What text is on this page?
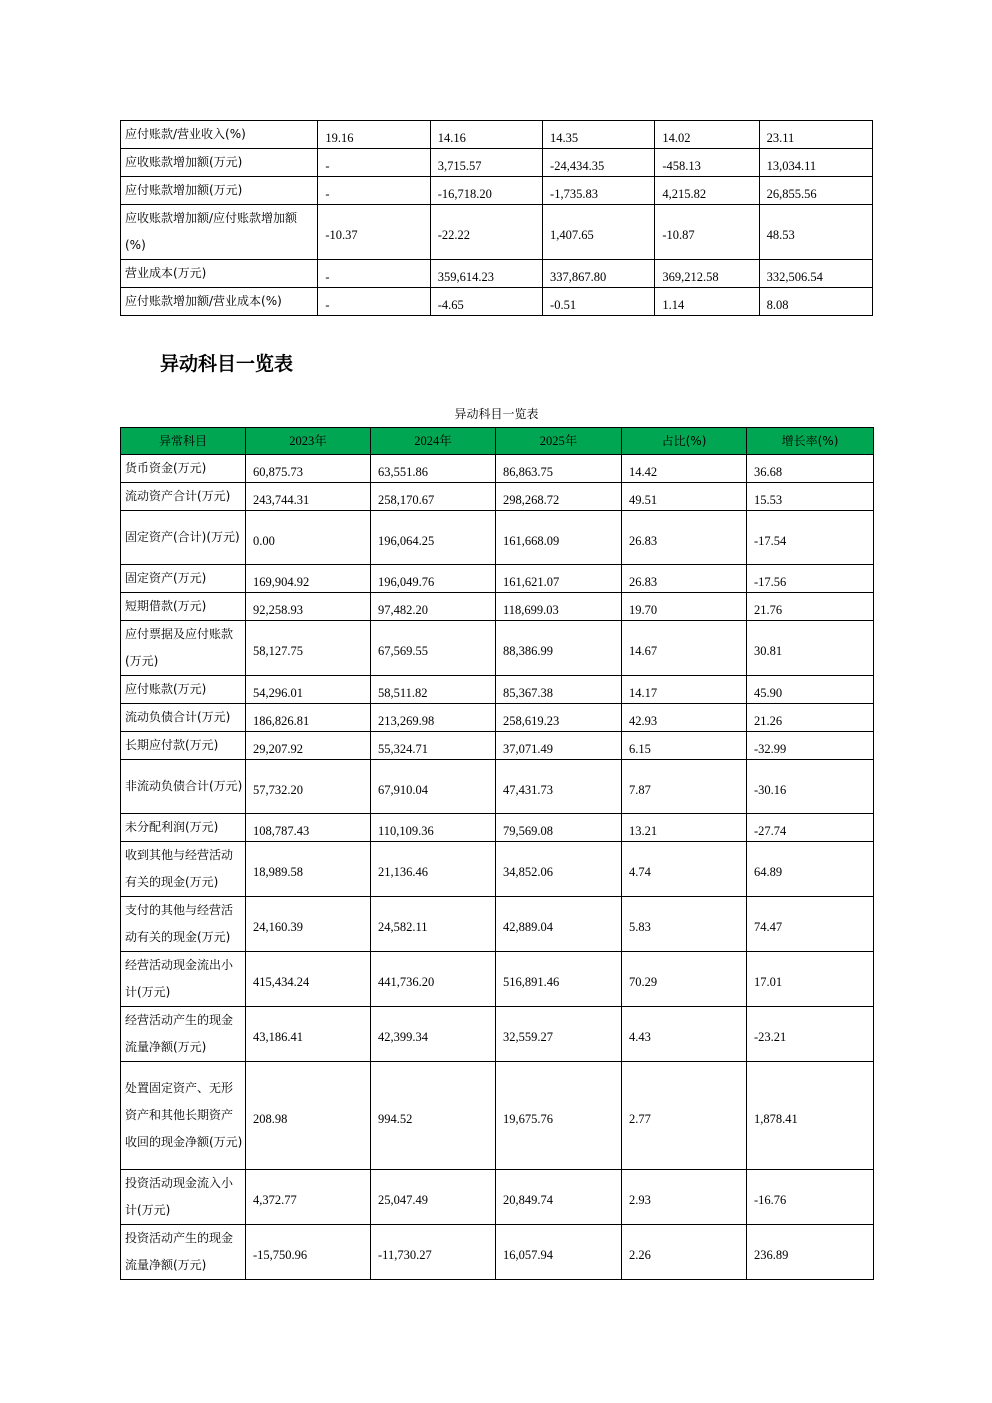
应付账款/营业收入(%)	19.16	14.16	14.35	14.02	23.11
应收账款增加额(万元)	-	3,715.57	-24,434.35	-458.13	13,034.11
应付账款增加额(万元)	-	-16,718.20	-1,735.83	4,215.82	26,855.56
应收账款增加额/应付账款增加额(%)	-10.37	-22.22	1,407.65	-10.87	48.53
营业成本(万元)	-	359,614.23	337,867.80	369,212.58	332,506.54
应付账款增加额/营业成本(%)	-	-4.65	-0.51	1.14	8.08
异动科目一览表
异动科目一览表
异常科目	2023年	2024年	2025年	占比(%)	增长率(%)
货币资金(万元)	60,875.73	63,551.86	86,863.75	14.42	36.68
流动资产合计(万元)	243,744.31	258,170.67	298,268.72	49.51	15.53
固定资产(合计)(万元)	0.00	196,064.25	161,668.09	26.83	-17.54
固定资产(万元)	169,904.92	196,049.76	161,621.07	26.83	-17.56
短期借款(万元)	92,258.93	97,482.20	118,699.03	19.70	21.76
应付票据及应付账款(万元)	58,127.75	67,569.55	88,386.99	14.67	30.81
应付账款(万元)	54,296.01	58,511.82	85,367.38	14.17	45.90
流动负债合计(万元)	186,826.81	213,269.98	258,619.23	42.93	21.26
长期应付款(万元)	29,207.92	55,324.71	37,071.49	6.15	-32.99
非流动负债合计(万元)	57,732.20	67,910.04	47,431.73	7.87	-30.16
未分配利润(万元)	108,787.43	110,109.36	79,569.08	13.21	-27.74
收到其他与经营活动有关的现金(万元)	18,989.58	21,136.46	34,852.06	4.74	64.89
支付的其他与经营活动有关的现金(万元)	24,160.39	24,582.11	42,889.04	5.83	74.47
经营活动现金流出小计(万元)	415,434.24	441,736.20	516,891.46	70.29	17.01
经营活动产生的现金流量净额(万元)	43,186.41	42,399.34	32,559.27	4.43	-23.21
处置固定资产、无形资产和其他长期资产收回的现金净额(万元)	208.98	994.52	19,675.76	2.77	1,878.41
投资活动现金流入小计(万元)	4,372.77	25,047.49	20,849.74	2.93	-16.76
投资活动产生的现金流量净额(万元)	-15,750.96	-11,730.27	16,057.94	2.26	236.89
